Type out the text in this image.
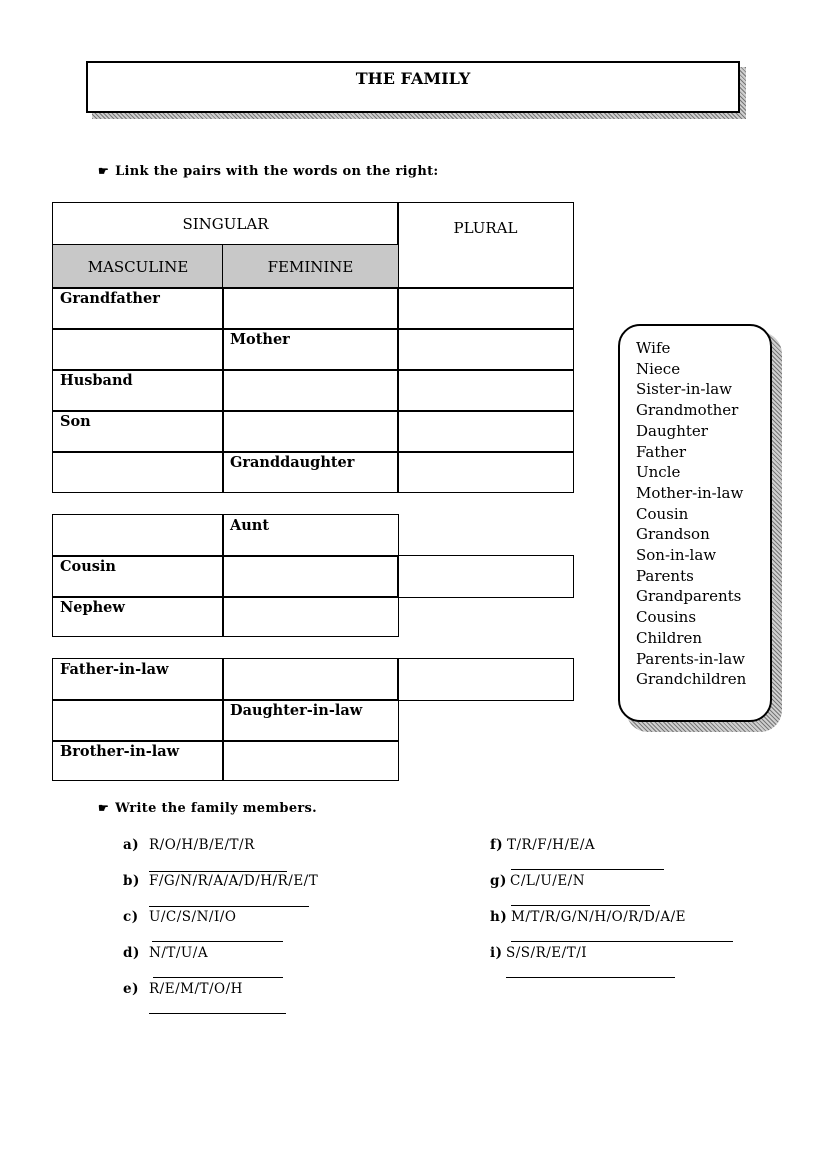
THE FAMILY
☛ Link the pairs with the words on the right:
SINGULAR	PLURAL
MASCULINE	FEMININE
Grandfather
Mother
Husband
Son
Granddaughter
Aunt
Cousin
Nephew
Father-in-law
Daughter-in-law
Brother-in-law
Wife
Niece
Sister-in-law
Grandmother
Daughter
Father
Uncle
Mother-in-law
Cousin
Grandson
Son-in-law
Parents
Grandparents
Cousins
Children
Parents-in-law
Grandchildren
☛ Write the family members.
a) R/O/H/B/E/T/R
b) F/G/N/R/A/A/D/H/R/E/T
c) U/C/S/N/I/O
d) N/T/U/A
e) R/E/M/T/O/H
f) T/R/F/H/E/A
g) C/L/U/E/N
h) M/T/R/G/N/H/O/R/D/A/E
i) S/S/R/E/T/I
